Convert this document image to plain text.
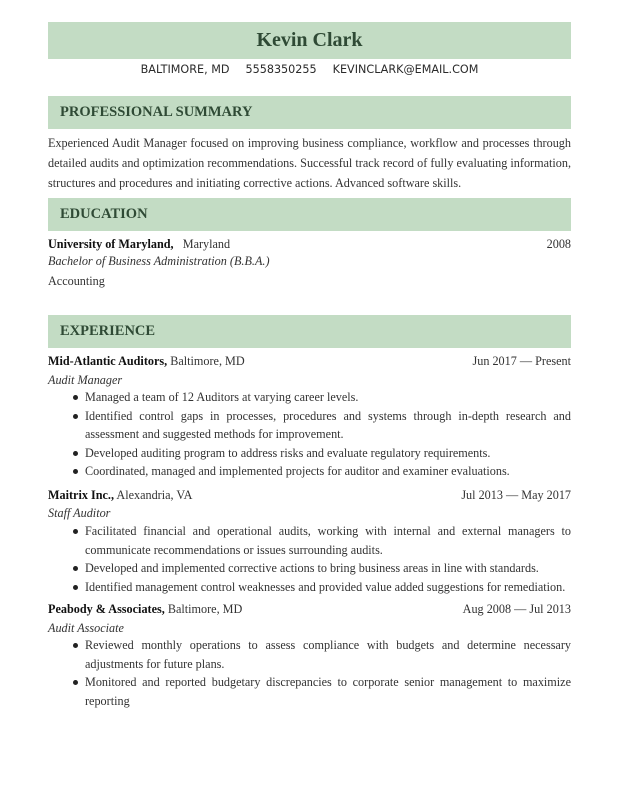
Kevin Clark
BALTIMORE, MD 5558350255 KEVINCLARK@EMAIL.COM
PROFESSIONAL SUMMARY
Experienced Audit Manager focused on improving business compliance, workflow and processes through detailed audits and optimization recommendations. Successful track record of fully evaluating information, structures and procedures and initiating corrective actions. Advanced software skills.
EDUCATION
University of Maryland, Maryland	2008
Bachelor of Business Administration (B.B.A.)
Accounting
EXPERIENCE
Mid-Atlantic Auditors, Baltimore, MD	Jun 2017 — Present
Audit Manager
Managed a team of 12 Auditors at varying career levels.
Identified control gaps in processes, procedures and systems through in-depth research and assessment and suggested methods for improvement.
Developed auditing program to address risks and evaluate regulatory requirements.
Coordinated, managed and implemented projects for auditor and examiner evaluations.
Maitrix Inc., Alexandria, VA	Jul 2013 — May 2017
Staff Auditor
Facilitated financial and operational audits, working with internal and external managers to communicate recommendations or issues surrounding audits.
Developed and implemented corrective actions to bring business areas in line with standards.
Identified management control weaknesses and provided value added suggestions for remediation.
Peabody & Associates, Baltimore, MD	Aug 2008 — Jul 2013
Audit Associate
Reviewed monthly operations to assess compliance with budgets and determine necessary adjustments for future plans.
Monitored and reported budgetary discrepancies to corporate senior management to maximize reporting
